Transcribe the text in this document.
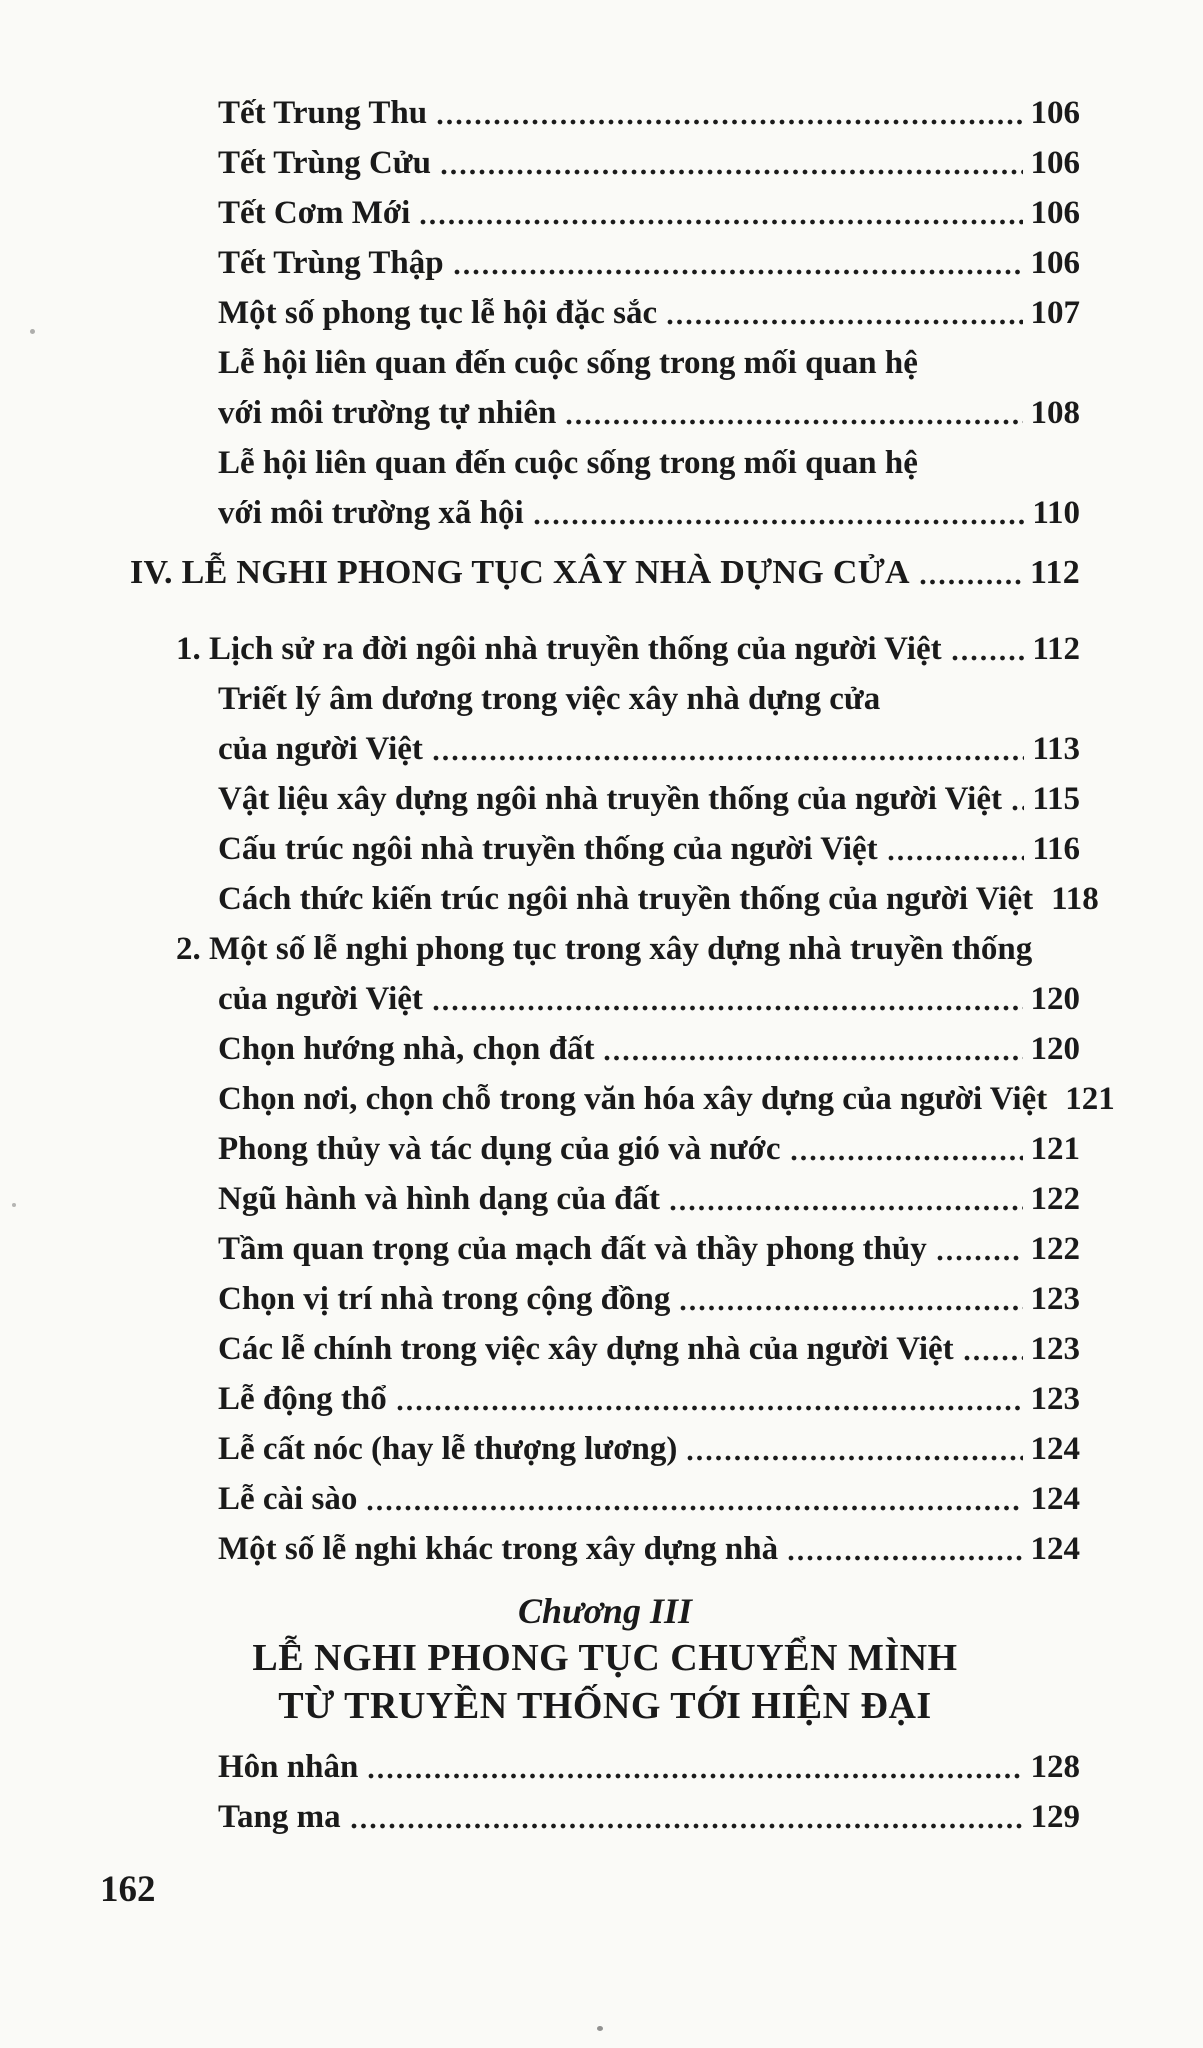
Tết Trung Thu	106
Tết Trùng Cửu	106
Tết Cơm Mới	106
Tết Trùng Thập	106
Một số phong tục lễ hội đặc sắc	107
Lễ hội liên quan đến cuộc sống trong mối quan hệ
với môi trường tự nhiên	108
Lễ hội liên quan đến cuộc sống trong mối quan hệ
với môi trường xã hội	110
IV. LỄ NGHI PHONG TỤC XÂY NHÀ DỰNG CỬA	112
1. Lịch sử ra đời ngôi nhà truyền thống của người Việt	112
Triết lý âm dương trong việc xây nhà dựng cửa
của người Việt	113
Vật liệu xây dựng ngôi nhà truyền thống của người Việt 115
Cấu trúc ngôi nhà truyền thống của người Việt	116
Cách thức kiến trúc ngôi nhà truyền thống của người Việt 118
2. Một số lễ nghi phong tục trong xây dựng nhà truyền thống
của người Việt	120
Chọn hướng nhà, chọn đất	120
Chọn nơi, chọn chỗ trong văn hóa xây dựng của người Việt 121
Phong thủy và tác dụng của gió và nước	121
Ngũ hành và hình dạng của đất	122
Tầm quan trọng của mạch đất và thầy phong thủy	122
Chọn vị trí nhà trong cộng đồng	123
Các lễ chính trong việc xây dựng nhà của người Việt 123
Lễ động thổ	123
Lễ cất nóc (hay lễ thượng lương)	124
Lễ cài sào	124
Một số lễ nghi khác trong xây dựng nhà	124
Chương III
LỄ NGHI PHONG TỤC CHUYỂN MÌNH
TỪ TRUYỀN THỐNG TỚI HIỆN ĐẠI
Hôn nhân	128
Tang ma	129
162
